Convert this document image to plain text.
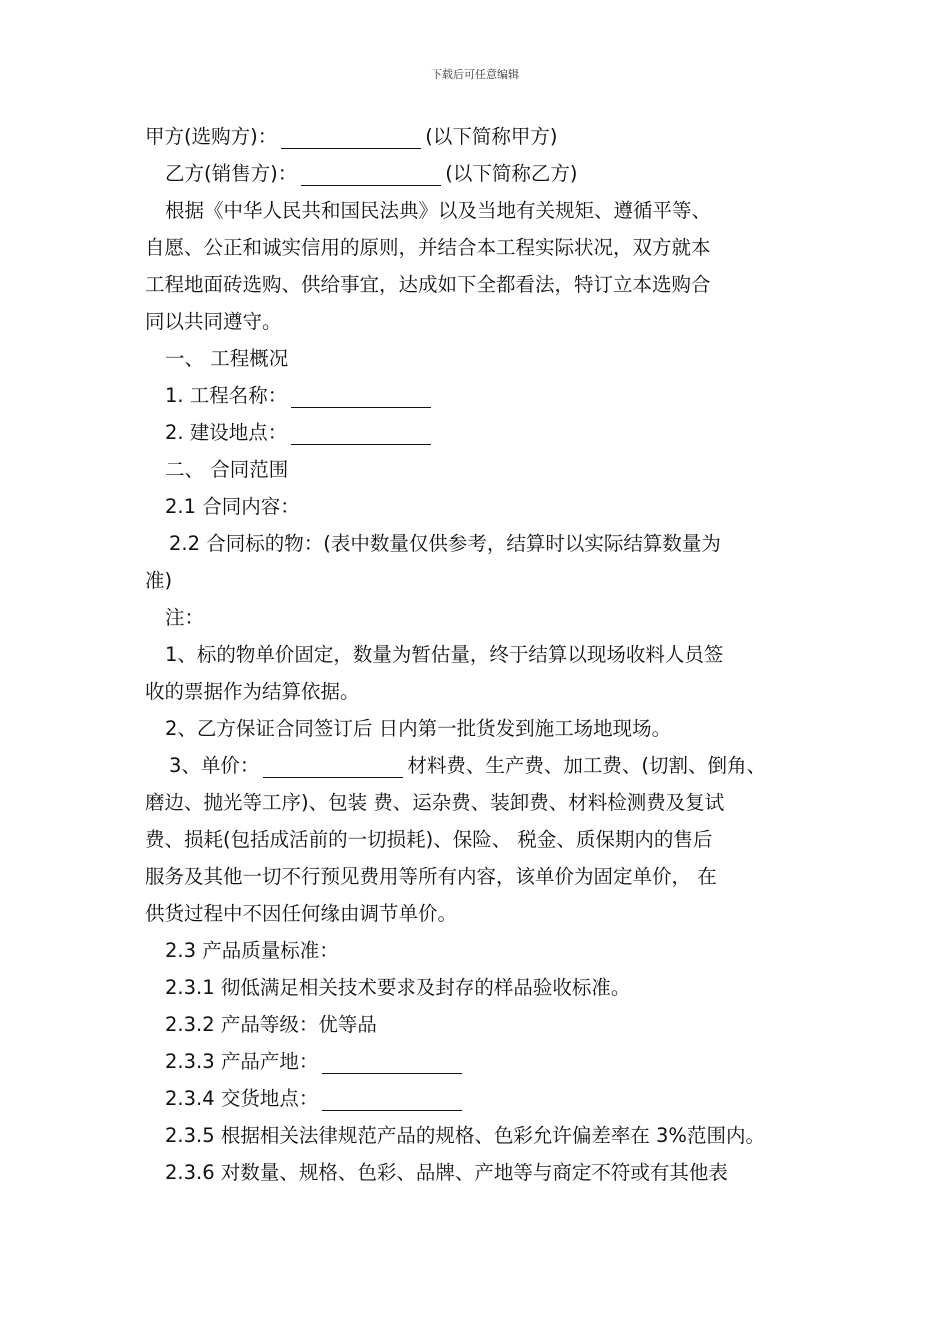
下载后可任意编辑
甲方(选购方)：	(以下简称甲方)
乙方(销售方)：	(以下简称乙方)
根据《中华人民共和国民法典》以及当地有关规矩、遵循平等、
自愿、公正和诚实信用的原则，并结合本工程实际状况，双方就本
工程地面砖选购、供给事宜，达成如下全都看法，特订立本选购合
同以共同遵守。
一、 工程概况
1. 工程名称：
2. 建设地点：
二、 合同范围
2.1 合同内容：
2.2 合同标的物：(表中数量仅供参考，结算时以实际结算数量为
准)
注：
1、标的物单价固定，数量为暂估量，终于结算以现场收料人员签
收的票据作为结算依据。
2、乙方保证合同签订后 日内第一批货发到施工场地现场。
3、单价：	材料费、生产费、加工费、(切割、倒角、
磨边、抛光等工序)、包装 费、运杂费、装卸费、材料检测费及复试
费、损耗(包括成活前的一切损耗)、保险、 税金、质保期内的售后
服务及其他一切不行预见费用等所有内容，该单价为固定单价， 在
供货过程中不因任何缘由调节单价。
2.3 产品质量标准：
2.3.1 彻低满足相关技术要求及封存的样品验收标准。
2.3.2 产品等级：优等品
2.3.3 产品产地：
2.3.4 交货地点：
2.3.5 根据相关法律规范产品的规格、色彩允许偏差率在 3%范围内。
2.3.6 对数量、规格、色彩、品牌、产地等与商定不符或有其他表
